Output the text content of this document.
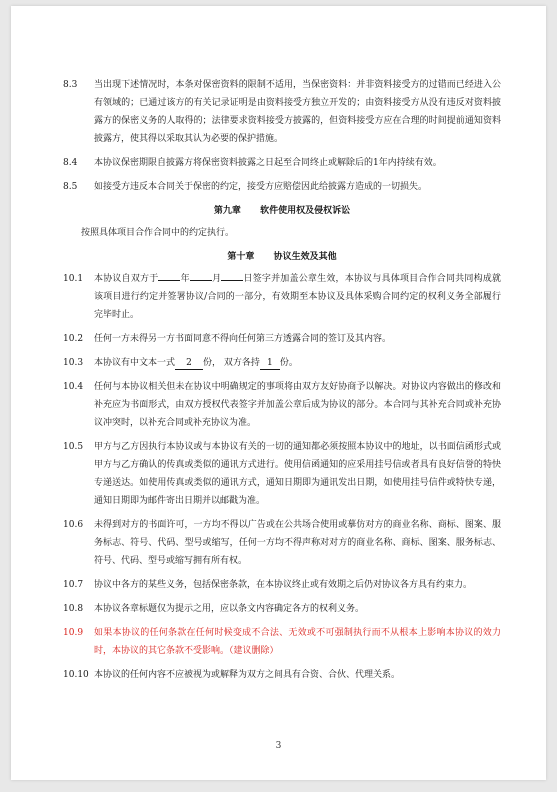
8.3	当出现下述情况时，本条对保密资料的限制不适用，当保密资料：并非资料接受方的过错而已经进入公有领域的；已通过该方的有关记录证明是由资料接受方独立开发的；由资料接受方从没有违反对资料披露方的保密义务的人取得的；法律要求资料接受方披露的，但资料接受方应在合理的时间提前通知资料披露方，使其得以采取其认为必要的保护措施。
8.4	本协议保密期限自披露方将保密资料披露之日起至合同终止或解除后的1年内持续有效。
8.5	如接受方违反本合同关于保密的约定，接受方应赔偿因此给披露方造成的一切损失。
第九章 软件使用权及侵权诉讼
按照具体项目合作合同中的约定执行。
第十章 协议生效及其他
10.1	本协议自双方于 年 月 日签字并加盖公章生效，本协议与具体项目合作合同共同构成就该项目进行约定并签署协议/合同的一部分，有效期至本协议及具体采购合同约定的权利义务全部履行完毕时止。
10.2	任何一方未得另一方书面同意不得向任何第三方透露合同的签订及其内容。
10.3	本协议有中文本一式 2 份， 双方各持 1 份。
10.4	任何与本协议相关但未在协议中明确规定的事项将由双方友好协商予以解决。对协议内容做出的修改和补充应为书面形式，由双方授权代表签字并加盖公章后成为协议的部分。本合同与其补充合同或补充协议冲突时，以补充合同或补充协议为准。
10.5	甲方与乙方因执行本协议或与本协议有关的一切的通知都必须按照本协议中的地址，以书面信函形式或甲方与乙方确认的传真或类似的通讯方式进行。使用信函通知的应采用挂号信或者具有良好信誉的特快专递送达。如使用传真或类似的通讯方式，通知日期即为通讯发出日期，如使用挂号信件或特快专递，通知日期即为邮件寄出日期并以邮戳为准。
10.6	未得到对方的书面许可，一方均不得以广告或在公共场合使用或摹仿对方的商业名称、商标、图案、服务标志、符号、代码、型号或缩写，任何一方均不得声称对对方的商业名称、商标、图案、服务标志、符号、代码、型号或缩写拥有所有权。
10.7	协议中各方的某些义务，包括保密条款，在本协议终止或有效期之后仍对协议各方具有约束力。
10.8	本协议各章标题仅为提示之用，应以条文内容确定各方的权利义务。
10.9	如果本协议的任何条款在任何时候变成不合法、无效或不可强制执行而不从根本上影响本协议的效力时，本协议的其它条款不受影响。（建议删除）
10.10 本协议的任何内容不应被视为或解释为双方之间具有合资、合伙、代理关系。
3
